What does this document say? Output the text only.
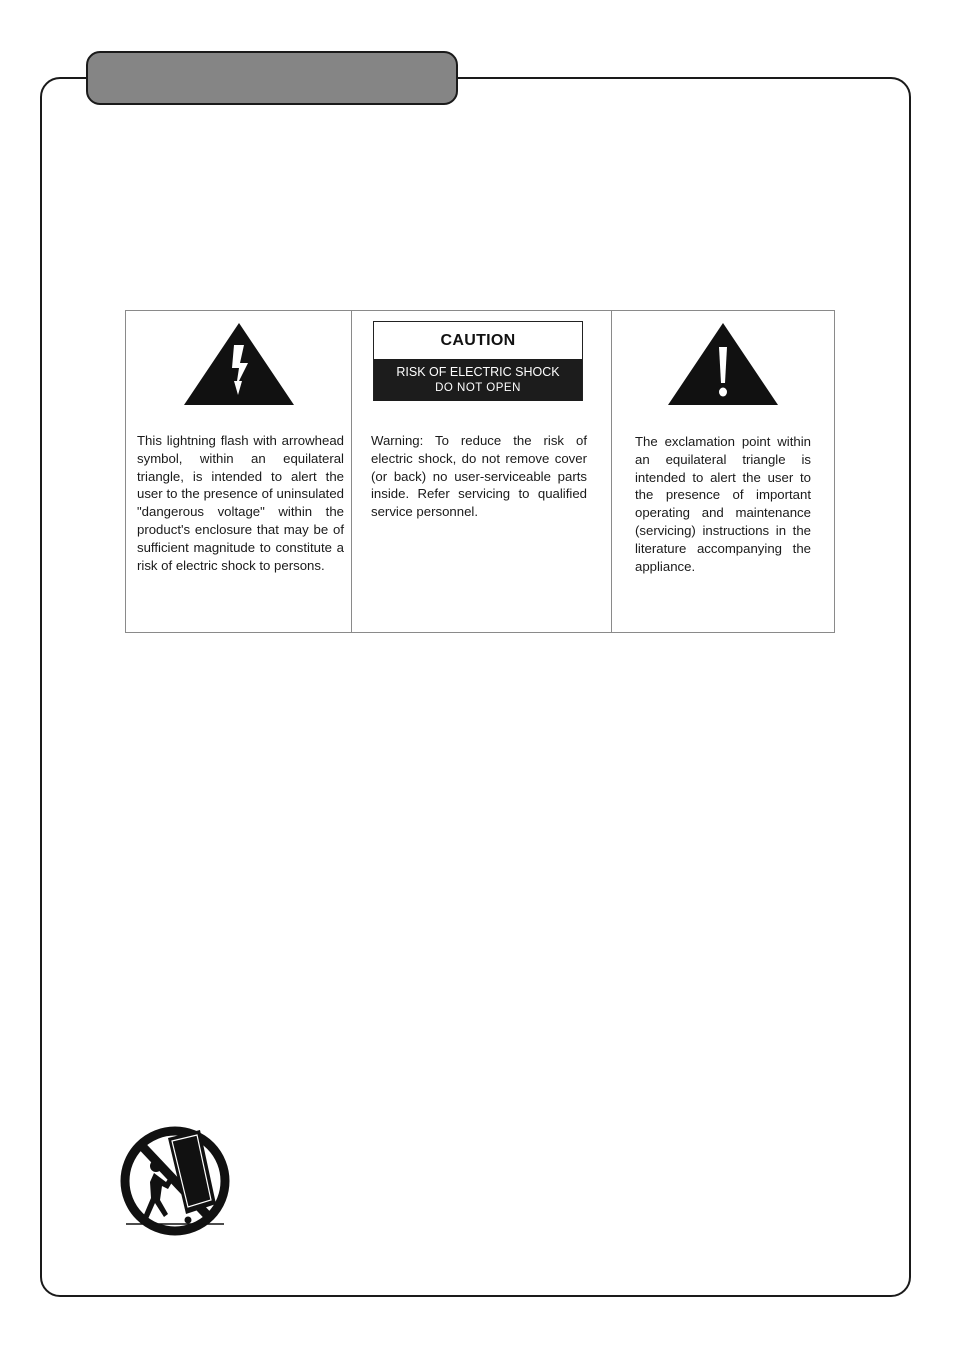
This lightning flash with arrowhead symbol, within an equilateral triangle, is intended to alert the user to the presence of uninsulated "dangerous voltage" within the product's enclosure that may be of sufficient magnitude to constitute a risk of electric shock to persons.

CAUTION
RISK OF ELECTRIC SHOCK
DO NOT OPEN

Warning: To reduce the risk of electric shock, do not remove cover (or back) no user-serviceable parts inside. Refer servicing to qualified service personnel.

The exclamation point within an equilateral triangle is intended to alert the user to the presence of important operating and maintenance (servicing) instructions in the literature accompanying the appliance.
